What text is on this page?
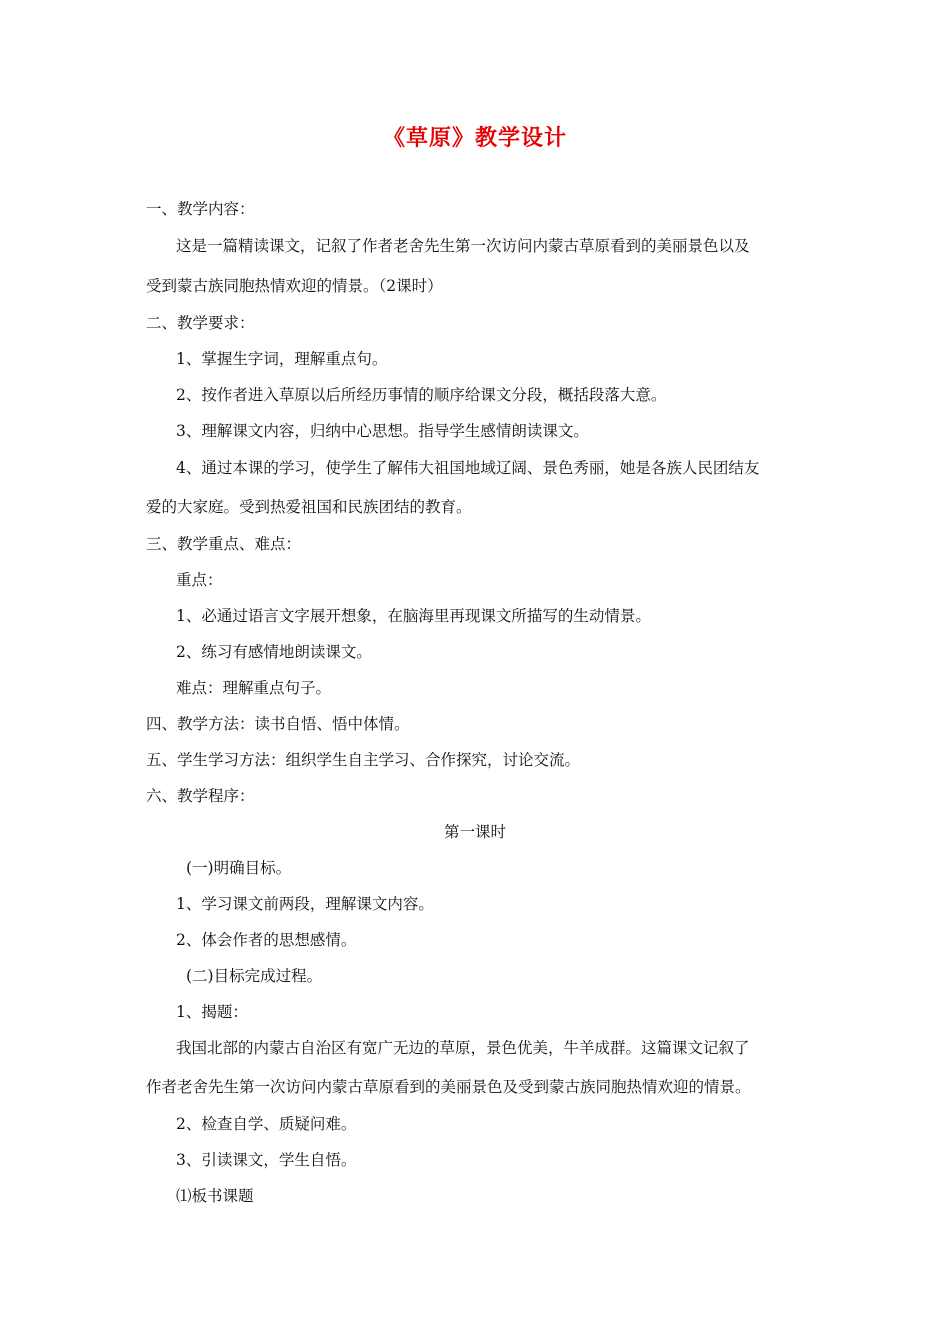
《草原》教学设计
一、教学内容：
这是一篇精读课文，记叙了作者老舍先生第一次访问内蒙古草原看到的美丽景色以及
受到蒙古族同胞热情欢迎的情景。（2课时）
二、教学要求：
1、掌握生字词，理解重点句。
2、按作者进入草原以后所经历事情的顺序给课文分段，概括段落大意。
3、理解课文内容，归纳中心思想。指导学生感情朗读课文。
4、通过本课的学习，使学生了解伟大祖国地域辽阔、景色秀丽，她是各族人民团结友
爱的大家庭。受到热爱祖国和民族团结的教育。
三、教学重点、难点：
重点：
1、必通过语言文字展开想象，在脑海里再现课文所描写的生动情景。
2、练习有感情地朗读课文。
难点：理解重点句子。
四、教学方法：读书自悟、悟中体情。
五、学生学习方法：组织学生自主学习、合作探究，讨论交流。
六、教学程序：
第一课时
(一)明确目标。
1、学习课文前两段，理解课文内容。
2、体会作者的思想感情。
(二)目标完成过程。
1、揭题：
我国北部的内蒙古自治区有宽广无边的草原，景色优美，牛羊成群。这篇课文记叙了
作者老舍先生第一次访问内蒙古草原看到的美丽景色及受到蒙古族同胞热情欢迎的情景。
2、检查自学、质疑问难。
3、引读课文，学生自悟。
⑴板书课题
